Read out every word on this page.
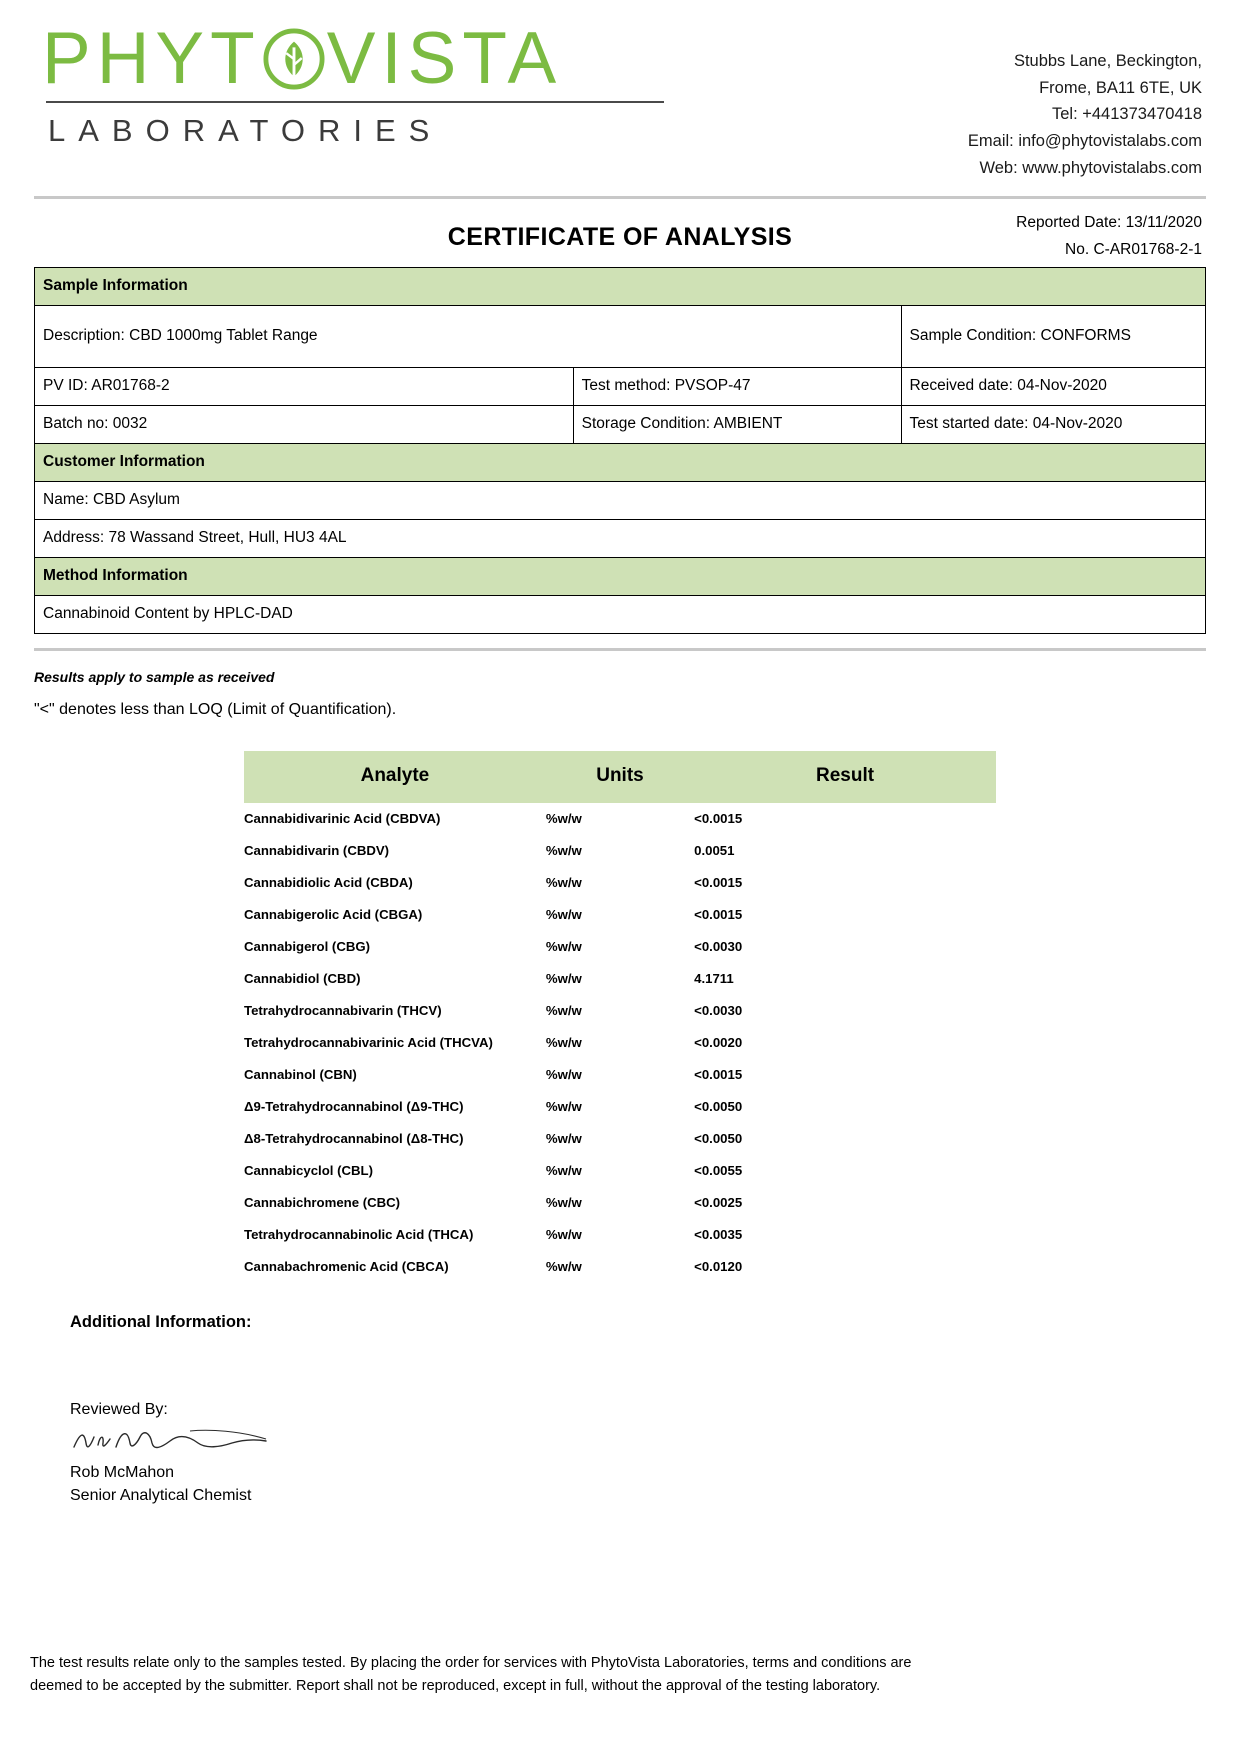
PHYT VISTA
LABORATORIES
Stubbs Lane, Beckington,
Frome, BA11 6TE, UK
Tel: +441373470418
Email: info@phytovistalabs.com
Web: www.phytovistalabs.com
CERTIFICATE OF ANALYSIS
Reported Date: 13/11/2020
No. C-AR01768-2-1
Sample Information		
Description: CBD 1000mg Tablet Range		Sample Condition: CONFORMS
PV ID: AR01768-2	Test method: PVSOP-47	Received date: 04-Nov-2020
Batch no: 0032	Storage Condition: AMBIENT	Test started date: 04-Nov-2020
Customer Information		
Name: CBD Asylum		
Address: 78 Wassand Street, Hull, HU3 4AL		
Method Information		
Cannabinoid Content by HPLC-DAD		
Results apply to sample as received
"<" denotes less than LOQ (Limit of Quantification).
Analyte	Units	Result
Cannabidivarinic Acid (CBDVA)	%w/w	<0.0015
Cannabidivarin (CBDV)	%w/w	0.0051
Cannabidiolic Acid (CBDA)	%w/w	<0.0015
Cannabigerolic Acid (CBGA)	%w/w	<0.0015
Cannabigerol (CBG)	%w/w	<0.0030
Cannabidiol (CBD)	%w/w	4.1711
Tetrahydrocannabivarin (THCV)	%w/w	<0.0030
Tetrahydrocannabivarinic Acid (THCVA)	%w/w	<0.0020
Cannabinol (CBN)	%w/w	<0.0015
Δ9-Tetrahydrocannabinol (Δ9-THC)	%w/w	<0.0050
Δ8-Tetrahydrocannabinol (Δ8-THC)	%w/w	<0.0050
Cannabicyclol (CBL)	%w/w	<0.0055
Cannabichromene (CBC)	%w/w	<0.0025
Tetrahydrocannabinolic Acid (THCA)	%w/w	<0.0035
Cannabachromenic Acid (CBCA)	%w/w	<0.0120
Additional Information:
Reviewed By:
Rob McMahon
Senior Analytical Chemist
The test results relate only to the samples tested. By placing the order for services with PhytoVista Laboratories, terms and conditions are
deemed to be accepted by the submitter. Report shall not be reproduced, except in full, without the approval of the testing laboratory.
